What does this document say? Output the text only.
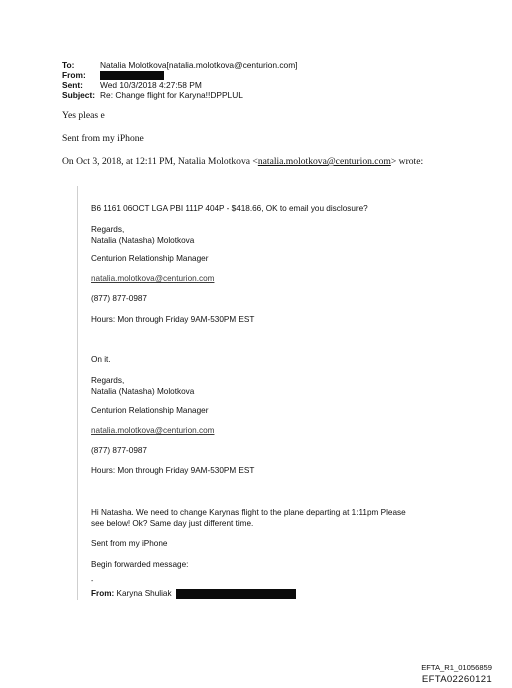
To:	Natalia Molotkova[natalia.molotkova@centurion.com]
From:
Sent: Wed 10/3/2018 4:27:58 PM
Subject: Re: Change flight for Karyna!!DPPLUL
Yes pleas e
Sent from my iPhone
On Oct 3, 2018, at 12:11 PM, Natalia Molotkova <natalia.molotkova@centurion.com> wrote:
B6 1161 06OCT LGA PBI 111P 404P - $418.66, OK to email you disclosure?
Regards,
Natalia (Natasha) Molotkova
Centurion Relationship Manager
natalia.molotkova@centurion.com
(877) 877-0987
Hours: Mon through Friday 9AM-530PM EST
On it.
Regards,
Natalia (Natasha) Molotkova
Centurion Relationship Manager
natalia.molotkova@centurion.com
(877) 877-0987
Hours: Mon through Friday 9AM-530PM EST
Hi Natasha. We need to change Karynas flight to the plane departing at 1:11pm Please
see below! Ok? Same day just different time.
Sent from my iPhone
Begin forwarded message:
-
From: Karyna Shuliak
EFTA_R1_01056859
EFTA02260121
